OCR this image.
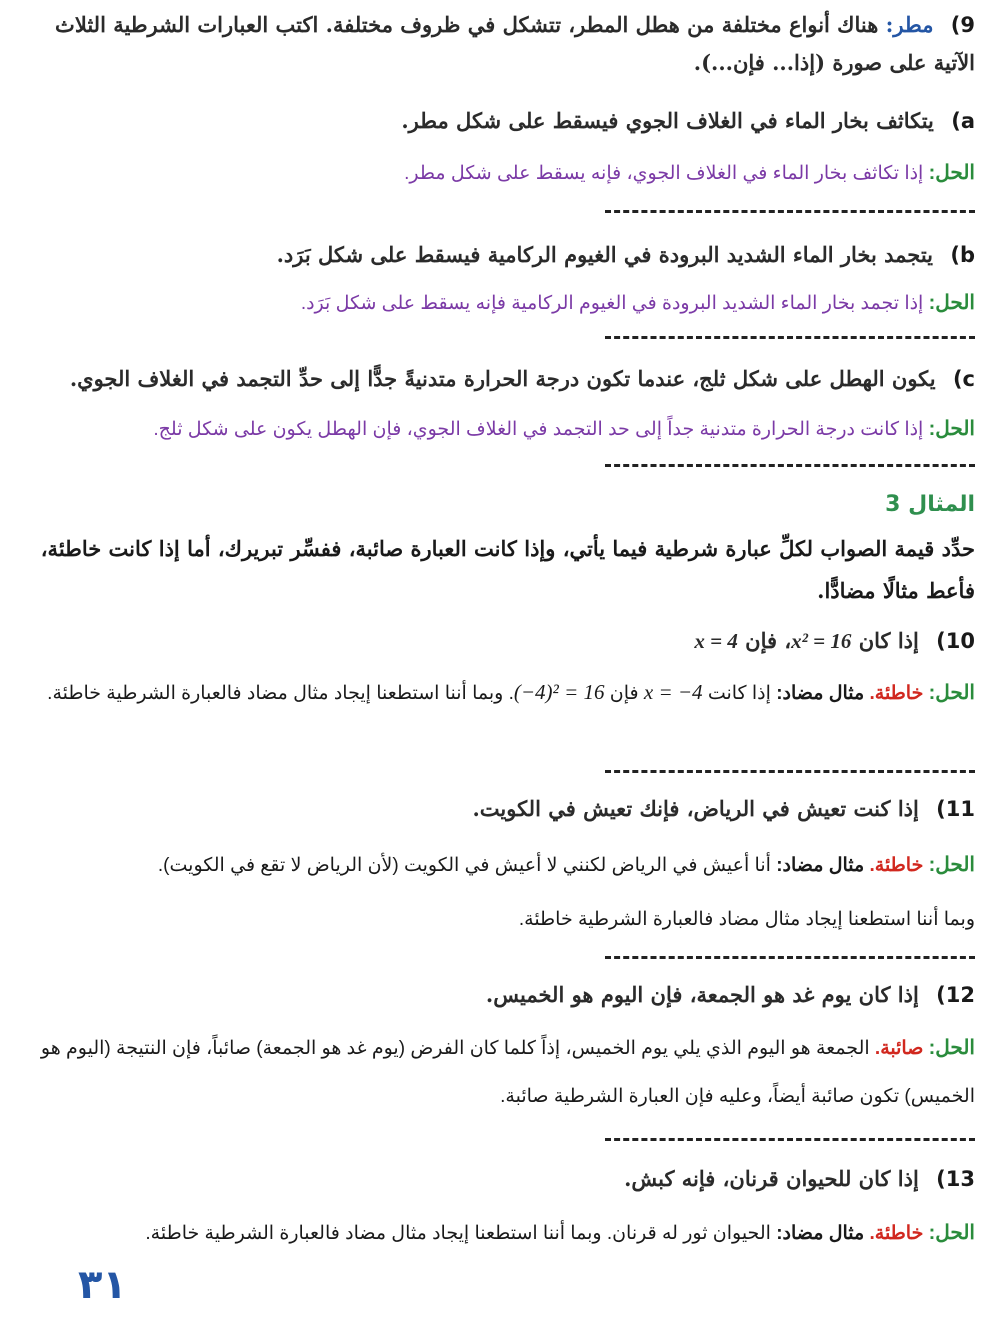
9) مطر: هناك أنواع مختلفة من هطل المطر، تتشكل في ظروف مختلفة. اكتب العبارات الشرطية الثلاث الآتية على صورة (إذا... فإن...).
a) يتكاثف بخار الماء في الغلاف الجوي فيسقط على شكل مطر.
الحل: إذا تكاثف بخار الماء في الغلاف الجوي، فإنه يسقط على شكل مطر.
b) يتجمد بخار الماء الشديد البرودة في الغيوم الركامية فيسقط على شكل بَرَد.
الحل: إذا تجمد بخار الماء الشديد البرودة في الغيوم الركامية فإنه يسقط على شكل بَرَد.
c) يكون الهطل على شكل ثلج، عندما تكون درجة الحرارة متدنيةً جدًّا إلى حدِّ التجمد في الغلاف الجوي.
الحل: إذا كانت درجة الحرارة متدنية جداً إلى حد التجمد في الغلاف الجوي، فإن الهطل يكون على شكل ثلج.
المثال 3
حدِّد قيمة الصواب لكلِّ عبارة شرطية فيما يأتي، وإذا كانت العبارة صائبة، ففسِّر تبريرك، أما إذا كانت خاطئة، فأعط مثالًا مضادًّا.
10) إذا كان x² = 16، فإن x = 4
الحل: خاطئة. مثال مضاد: إذا كانت x = −4 فإن (−4)² = 16. وبما أننا استطعنا إيجاد مثال مضاد فالعبارة الشرطية خاطئة.
11) إذا كنت تعيش في الرياض، فإنك تعيش في الكويت.
الحل: خاطئة. مثال مضاد: أنا أعيش في الرياض لكنني لا أعيش في الكويت (لأن الرياض لا تقع في الكويت).
وبما أننا استطعنا إيجاد مثال مضاد فالعبارة الشرطية خاطئة.
12) إذا كان يوم غد هو الجمعة، فإن اليوم هو الخميس.
الحل: صائبة. الجمعة هو اليوم الذي يلي يوم الخميس، إذاً كلما كان الفرض (يوم غد هو الجمعة) صائباً، فإن النتيجة (اليوم هو الخميس) تكون صائبة أيضاً، وعليه فإن العبارة الشرطية صائبة.
13) إذا كان للحيوان قرنان، فإنه كبش.
الحل: خاطئة. مثال مضاد: الحيوان ثور له قرنان. وبما أننا استطعنا إيجاد مثال مضاد فالعبارة الشرطية خاطئة.
٣١
